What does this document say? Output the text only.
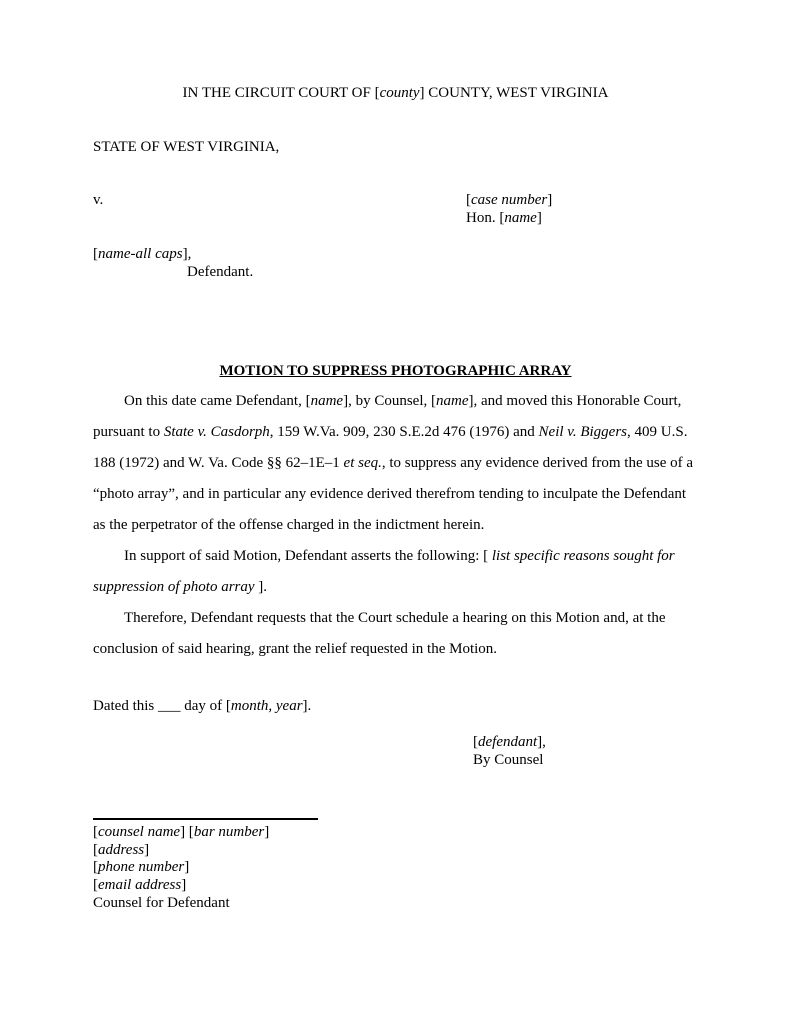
IN THE CIRCUIT COURT OF [county] COUNTY, WEST VIRGINIA
STATE OF WEST VIRGINIA,
v.	[case number]
Hon. [name]
[name-all caps],
Defendant.
MOTION TO SUPPRESS PHOTOGRAPHIC ARRAY
On this date came Defendant, [name], by Counsel, [name], and moved this Honorable Court, pursuant to State v. Casdorph, 159 W.Va. 909, 230 S.E.2d 476 (1976) and Neil v. Biggers, 409 U.S. 188 (1972) and W. Va. Code §§ 62–1E–1 et seq., to suppress any evidence derived from the use of a “photo array”, and in particular any evidence derived therefrom tending to inculpate the Defendant as the perpetrator of the offense charged in the indictment herein.
In support of said Motion, Defendant asserts the following: [ list specific reasons sought for suppression of photo array ].
Therefore, Defendant requests that the Court schedule a hearing on this Motion and, at the conclusion of said hearing, grant the relief requested in the Motion.
Dated this ___ day of [month, year].
[defendant],
By Counsel
[counsel name] [bar number]
[address]
[phone number]
[email address]
Counsel for Defendant
